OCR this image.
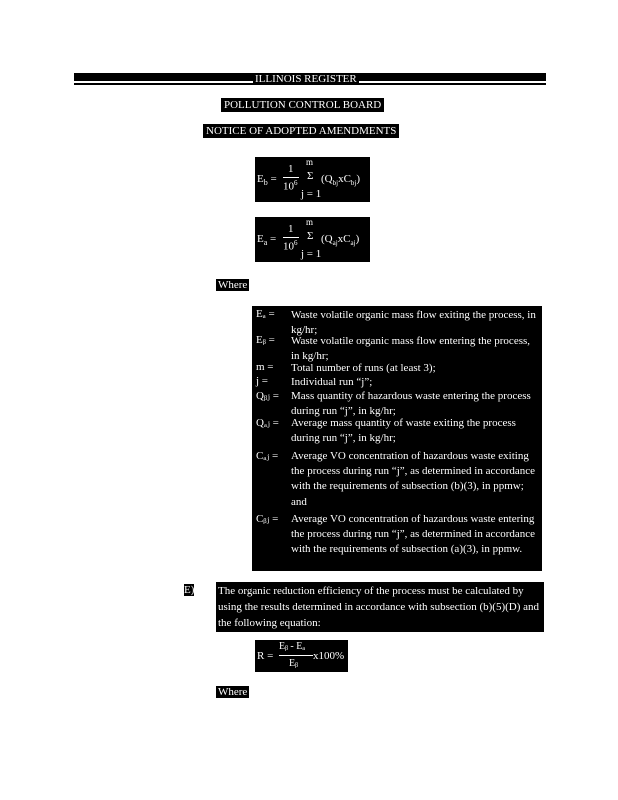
ILLINOIS REGISTER
POLLUTION CONTROL BOARD
NOTICE OF ADOPTED AMENDMENTS
m
$E_b$ =
1
$10^6$
Σ $(Q_{bj}xC_{bj})$
j = 1
m
$E_a$ =
1
$10^6$
Σ $(Q_{aj}xC_{aj})$
j = 1
Where
Eₐ = Waste volatile organic mass flow exiting the process, in kg/hr;
Eᵦ = Waste volatile organic mass flow entering the process, in kg/hr;
m = Total number of runs (at least 3);
j = Individual run “j”;
Qᵦⱼ = Mass quantity of hazardous waste entering the process during run “j”, in kg/hr;
Qₐⱼ = Average mass quantity of waste exiting the process during run “j”, in kg/hr;
Cₐⱼ = Average VO concentration of hazardous waste exiting the process during run “j”, as determined in accordance with the requirements of subsection (b)(3), in ppmw; and
Cᵦⱼ = Average VO concentration of hazardous waste entering the process during run “j”, as determined in accordance with the requirements of subsection (a)(3), in ppmw.
E) The organic reduction efficiency of the process must be calculated by using the results determined in accordance with subsection (b)(5)(D) and the following equation:
R =
Eᵦ - Eₐ
Eᵦ
x100%
Where
